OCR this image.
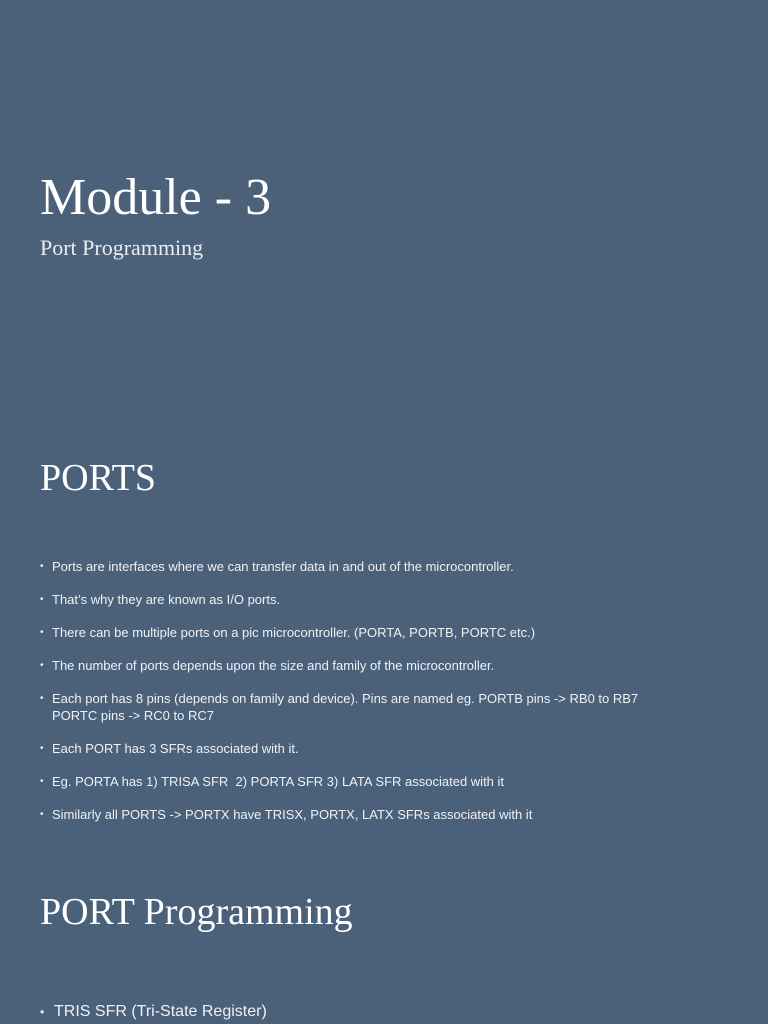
Module - 3

Port Programming

PORTS
• Ports are interfaces where we can transfer data in and out of the microcontroller.
• That’s why they are known as I/O ports.
• There can be multiple ports on a pic microcontroller. (PORTA, PORTB, PORTC etc.)
• The number of ports depends upon the size and family of the microcontroller.
• Each port has 8 pins (depends on family and device). Pins are named eg. PORTB pins -> RB0 to RB7 PORTC pins -> RC0 to RC7
• Each PORT has 3 SFRs associated with it.
• Eg. PORTA has 1) TRISA SFR  2) PORTA SFR 3) LATA SFR associated with it
• Similarly all PORTS -> PORTX have TRISX, PORTX, LATX SFRs associated with it
PORT Programming
• TRIS SFR (Tri-State Register)
